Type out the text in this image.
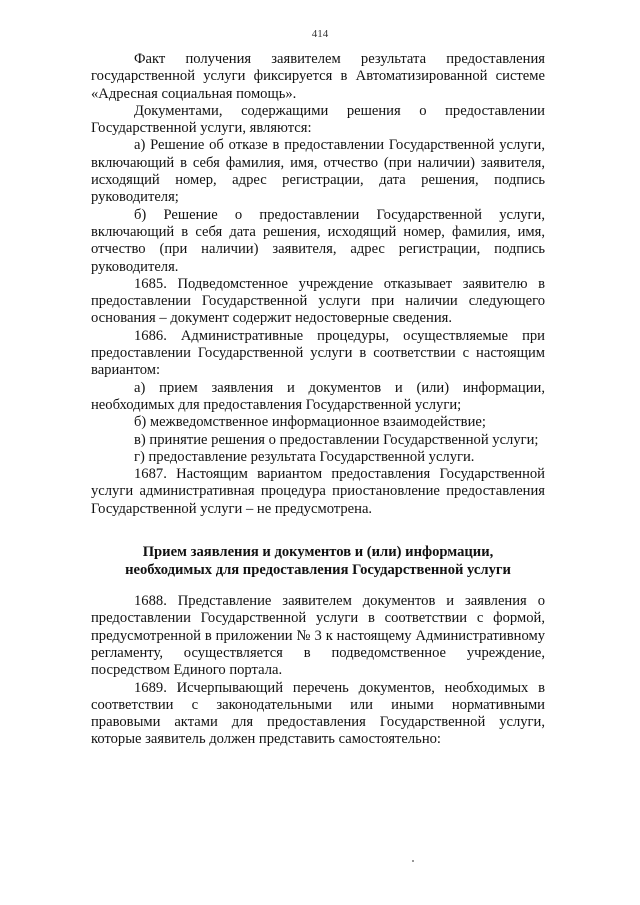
414

Факт получения заявителем результата предоставления государственной услуги фиксируется в Автоматизированной системе «Адресная социальная помощь».

Документами, содержащими решения о предоставлении Государственной услуги, являются:

а) Решение об отказе в предоставлении Государственной услуги, включающий в себя фамилия, имя, отчество (при наличии) заявителя, исходящий номер, адрес регистрации, дата решения, подпись руководителя;

б) Решение о предоставлении Государственной услуги, включающий в себя дата решения, исходящий номер, фамилия, имя, отчество (при наличии) заявителя, адрес регистрации, подпись руководителя.

1685. Подведомстенное учреждение отказывает заявителю в предоставлении Государственной услуги при наличии следующего основания – документ содержит недостоверные сведения.

1686. Административные процедуры, осуществляемые при предоставлении Государственной услуги в соответствии с настоящим вариантом:

а) прием заявления и документов и (или) информации, необходимых для предоставления Государственной услуги;

б) межведомственное информационное взаимодействие;

в) принятие решения о предоставлении Государственной услуги;

г) предоставление результата Государственной услуги.

1687. Настоящим вариантом предоставления Государственной услуги административная процедура приостановление предоставления Государственной услуги – не предусмотрена.

Прием заявления и документов и (или) информации,
необходимых для предоставления Государственной услуги

1688. Представление заявителем документов и заявления о предоставлении Государственной услуги в соответствии с формой, предусмотренной в приложении № 3 к настоящему Административному регламенту, осуществляется в подведомственное учреждение, посредством Единого портала.

1689. Исчерпывающий перечень документов, необходимых в соответствии с законодательными или иными нормативными правовыми актами для предоставления Государственной услуги, которые заявитель должен представить самостоятельно:
